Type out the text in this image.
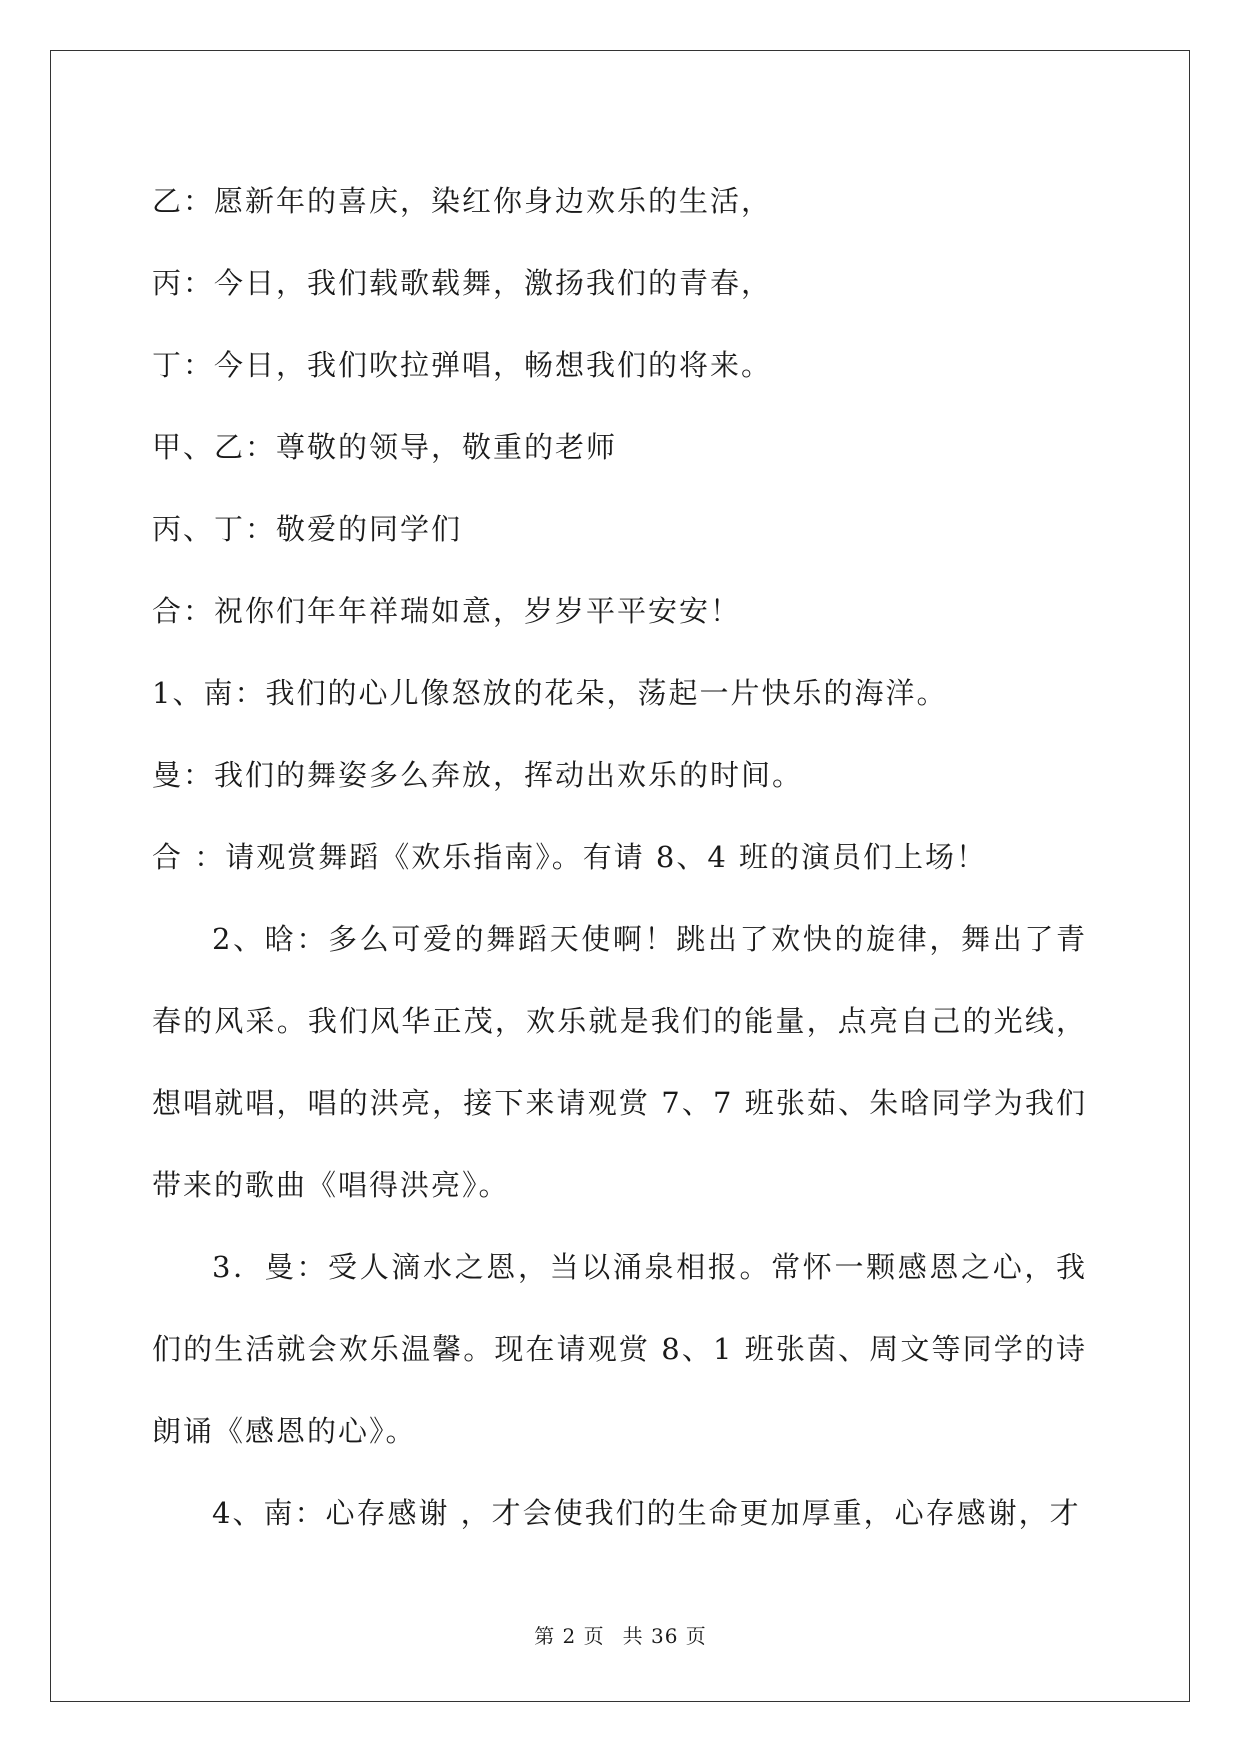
乙：愿新年的喜庆，染红你身边欢乐的生活，

丙：今日，我们载歌载舞，激扬我们的青春，

丁：今日，我们吹拉弹唱，畅想我们的将来。

甲、乙：尊敬的领导，敬重的老师

丙、丁：敬爱的同学们

合：祝你们年年祥瑞如意，岁岁平平安安！

1、南：我们的心儿像怒放的花朵，荡起一片快乐的海洋。

曼：我们的舞姿多么奔放，挥动出欢乐的时间。

合 ：请观赏舞蹈《欢乐指南》。有请 8、4 班的演员们上场！

2、晗：多么可爱的舞蹈天使啊！跳出了欢快的旋律，舞出了青春的风采。我们风华正茂，欢乐就是我们的能量，点亮自己的光线，想唱就唱，唱的洪亮，接下来请观赏 7、7 班张茹、朱晗同学为我们带来的歌曲《唱得洪亮》。

3．曼：受人滴水之恩，当以涌泉相报。常怀一颗感恩之心，我们的生活就会欢乐温馨。现在请观赏 8、1 班张茵、周文等同学的诗朗诵《感恩的心》。

4、南：心存感谢 ，才会使我们的生命更加厚重，心存感谢，才

第 2 页 共 36 页
